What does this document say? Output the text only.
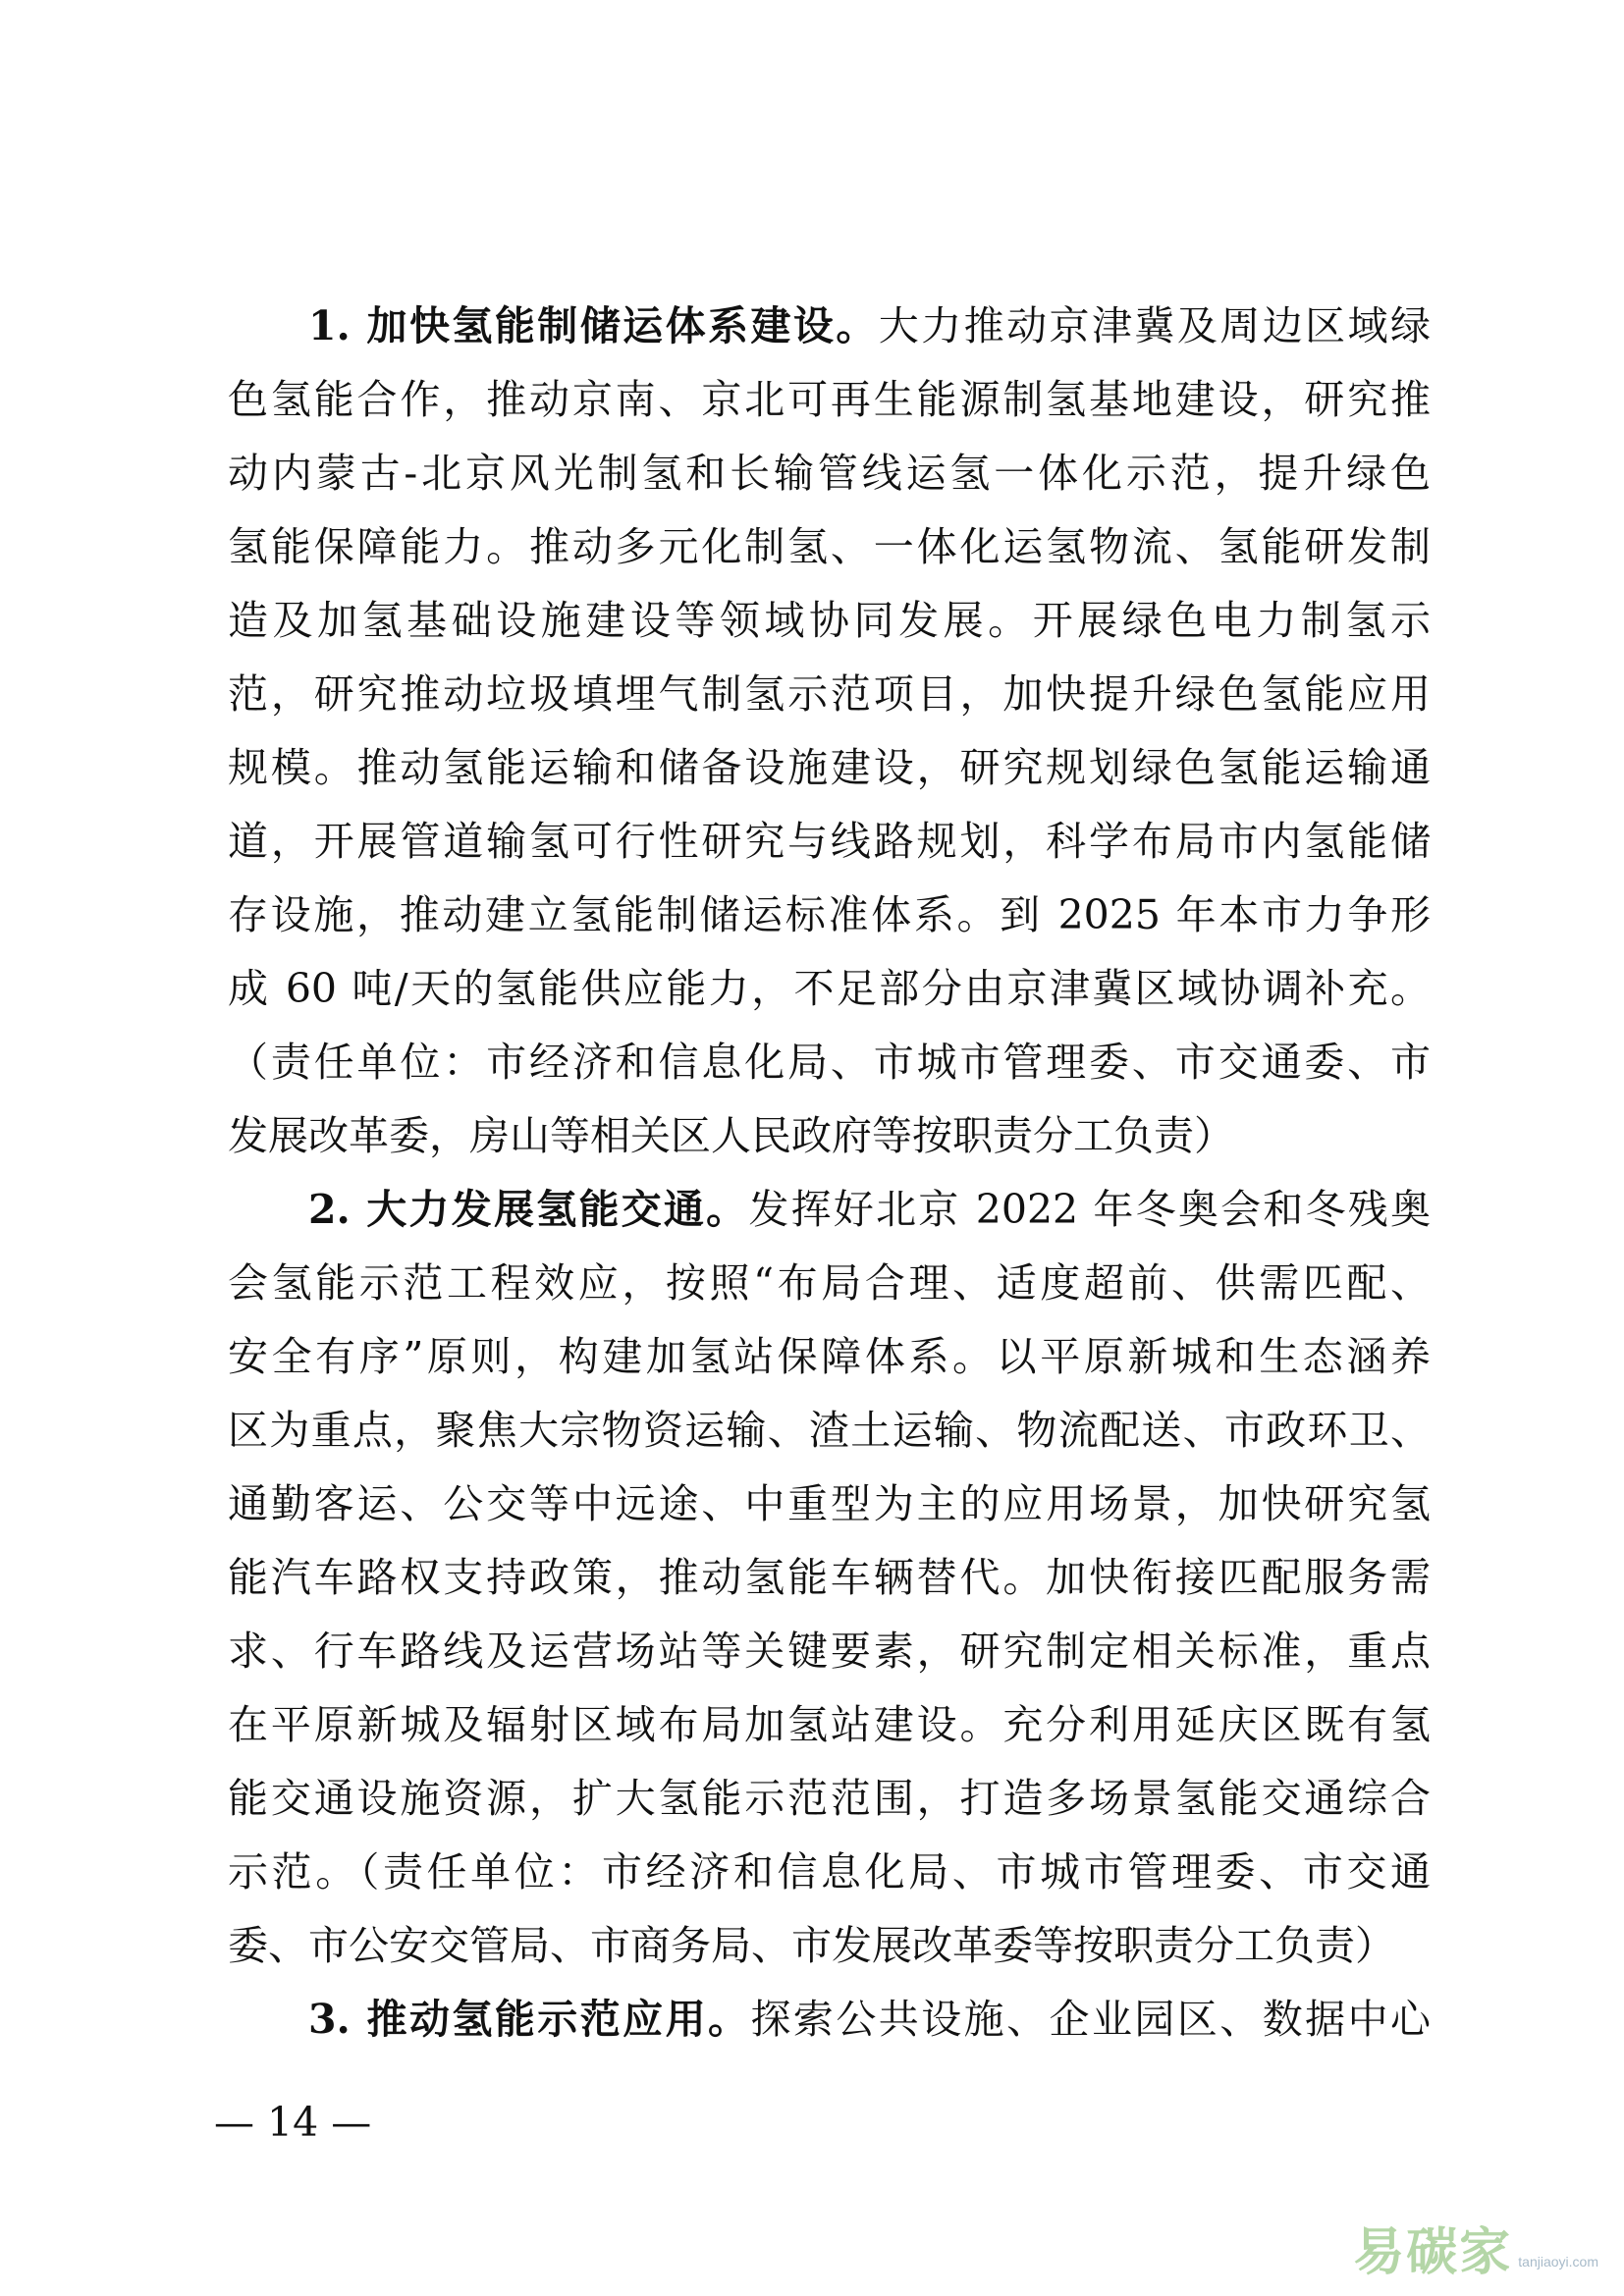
1. 加快氢能制储运体系建设。大力推动京津冀及周边区域绿
色氢能合作，推动京南、京北可再生能源制氢基地建设，研究推
动内蒙古-北京风光制氢和长输管线运氢一体化示范，提升绿色
氢能保障能力。推动多元化制氢、一体化运氢物流、氢能研发制
造及加氢基础设施建设等领域协同发展。开展绿色电力制氢示
范，研究推动垃圾填埋气制氢示范项目，加快提升绿色氢能应用
规模。推动氢能运输和储备设施建设，研究规划绿色氢能运输通
道，开展管道输氢可行性研究与线路规划，科学布局市内氢能储
存设施，推动建立氢能制储运标准体系。到 2025 年本市力争形
成 60 吨/天的氢能供应能力，不足部分由京津冀区域协调补充。
（责任单位：市经济和信息化局、市城市管理委、市交通委、市
发展改革委，房山等相关区人民政府等按职责分工负责）
2. 大力发展氢能交通。发挥好北京 2022 年冬奥会和冬残奥
会氢能示范工程效应，按照“布局合理、适度超前、供需匹配、
安全有序”原则，构建加氢站保障体系。以平原新城和生态涵养
区为重点，聚焦大宗物资运输、渣土运输、物流配送、市政环卫、
通勤客运、公交等中远途、中重型为主的应用场景，加快研究氢
能汽车路权支持政策，推动氢能车辆替代。加快衔接匹配服务需
求、行车路线及运营场站等关键要素，研究制定相关标准，重点
在平原新城及辐射区域布局加氢站建设。充分利用延庆区既有氢
能交通设施资源，扩大氢能示范范围，打造多场景氢能交通综合
示范。（责任单位：市经济和信息化局、市城市管理委、市交通
委、市公安交管局、市商务局、市发展改革委等按职责分工负责）
3. 推动氢能示范应用。探索公共设施、企业园区、数据中心
— 14 —
易碳家 tanjiaoyi.com
